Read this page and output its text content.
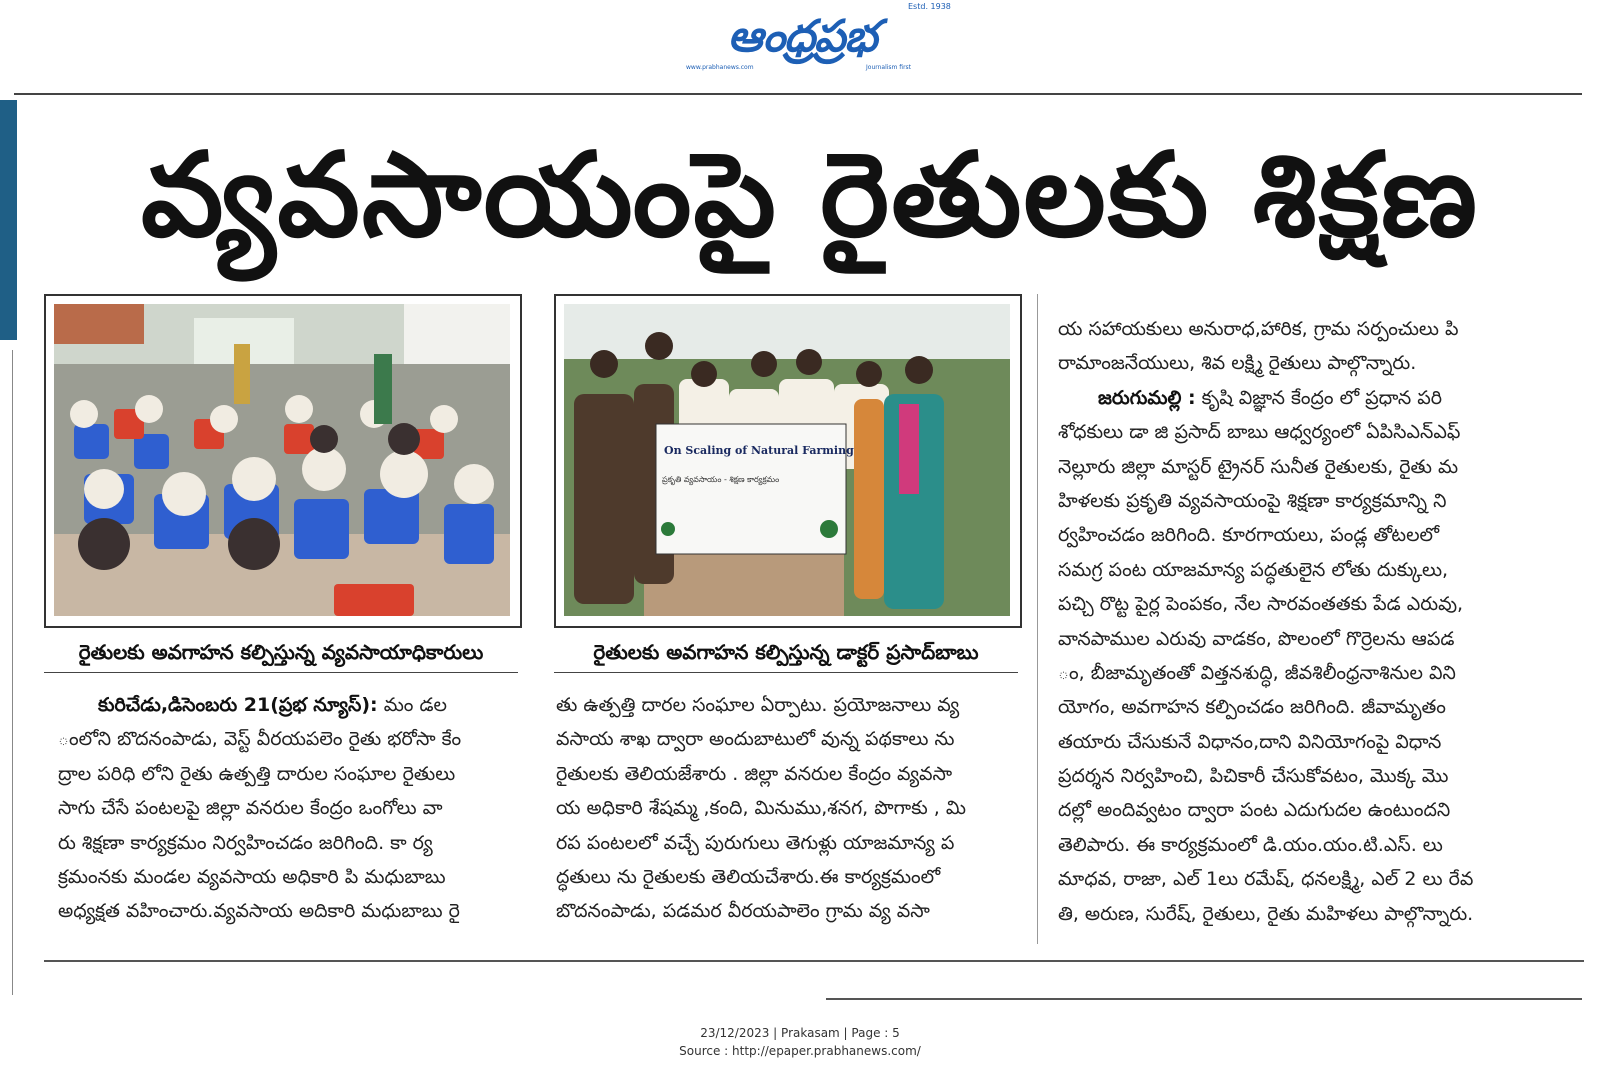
ఆంధ్రప్రభ
Estd. 1938
www.prabhanews.com	Journalism first
వ్యవసాయంపై రైతులకు శిక్షణ
రైతులకు అవగాహన కల్పిస్తున్న వ్యవసాయాధికారులు
On Scaling of Natural Farming
ప్రకృతి వ్యవసాయం - శిక్షణ కార్యక్రమం
రైతులకు అవగాహన కల్పిస్తున్న డాక్టర్ ప్రసాద్‌బాబు
కురిచేడు,డిసెంబరు 21(ప్రభ న్యూస్): మం డల
ంలోని బొదనంపాడు, వెస్ట్ వీరయపలెం రైతు భరోసా కేం
ద్రాల పరిధి లోని రైతు ఉత్పత్తి దారుల సంఘాల రైతులు
సాగు చేసే పంటలపై జిల్లా వనరుల కేంద్రం ఒంగోలు వా
రు శిక్షణా కార్యక్రమం నిర్వహించడం జరిగింది. కా ర్య
క్రమంనకు మండల వ్యవసాయ అధికారి పి మధుబాబు
అధ్యక్షత వహించారు.వ్యవసాయ అదికారి మధుబాబు రై
తు ఉత్పత్తి దారల సంఘాల ఏర్పాటు. ప్రయోజనాలు వ్య
వసాయ శాఖ ద్వారా అందుబాటులో వున్న పథకాలు ను
రైతులకు తెలియజేశారు . జిల్లా వనరుల కేంద్రం వ్యవసా
య అధికారి శేషమ్మ ,కంది, మినుము,శనగ, పొగాకు , మి
రప పంటలలో వచ్చే పురుగులు తెగుళ్లు యాజమాన్య ప
ద్ధతులు ను రైతులకు తెలియచేశారు.ఈ కార్యక్రమంలో
బొదనంపాడు, పడమర వీరయపాలెం గ్రామ వ్య వసా
య సహాయకులు అనురాధ,హారిక, గ్రామ సర్పంచులు పి
రామాంజనేయులు, శివ లక్ష్మి రైతులు పాల్గొన్నారు.
జరుగుమల్లి : కృషి విజ్ఞాన కేంద్రం లో ప్రధాన పరి
శోధకులు డా జి ప్రసాద్ బాబు ఆధ్వర్యంలో ఏపిసిఎన్ఎఫ్
నెల్లూరు జిల్లా మాస్టర్ ట్రైనర్ సునీత రైతులకు, రైతు మ
హిళలకు ప్రకృతి వ్యవసాయంపై శిక్షణా కార్యక్రమాన్ని ని
ర్వహించడం జరిగింది. కూరగాయలు, పండ్ల తోటలలో
సమగ్ర పంట యాజమాన్య పద్ధతులైన లోతు దుక్కులు,
పచ్చి రొట్ట పైర్ల పెంపకం, నేల సారవంతతకు పేడ ఎరువు,
వానపాముల ఎరువు వాడకం, పొలంలో గొర్రెలను ఆపడ
ం, బీజామృతంతో విత్తనశుద్ధి, జీవశిలీంధ్రనాశినుల విని
యోగం, అవగాహన కల్పించడం జరిగింది. జీవామృతం
తయారు చేసుకునే విధానం,దాని వినియోగంపై విధాన
ప్రదర్శన నిర్వహించి, పిచికారీ చేసుకోవటం, మొక్క మొ
దల్లో అందివ్వటం ద్వారా పంట ఎదుగుదల ఉంటుందని
తెలిపారు. ఈ కార్యక్రమంలో డి.యం.యం.టి.ఎస్. లు
మాధవ, రాజా, ఎల్ 1లు రమేష్, ధనలక్ష్మి, ఎల్ 2 లు రేవ
తి, అరుణ, సురేష్, రైతులు, రైతు మహిళలు పాల్గొన్నారు.
23/12/2023 | Prakasam | Page : 5
Source : http://epaper.prabhanews.com/
